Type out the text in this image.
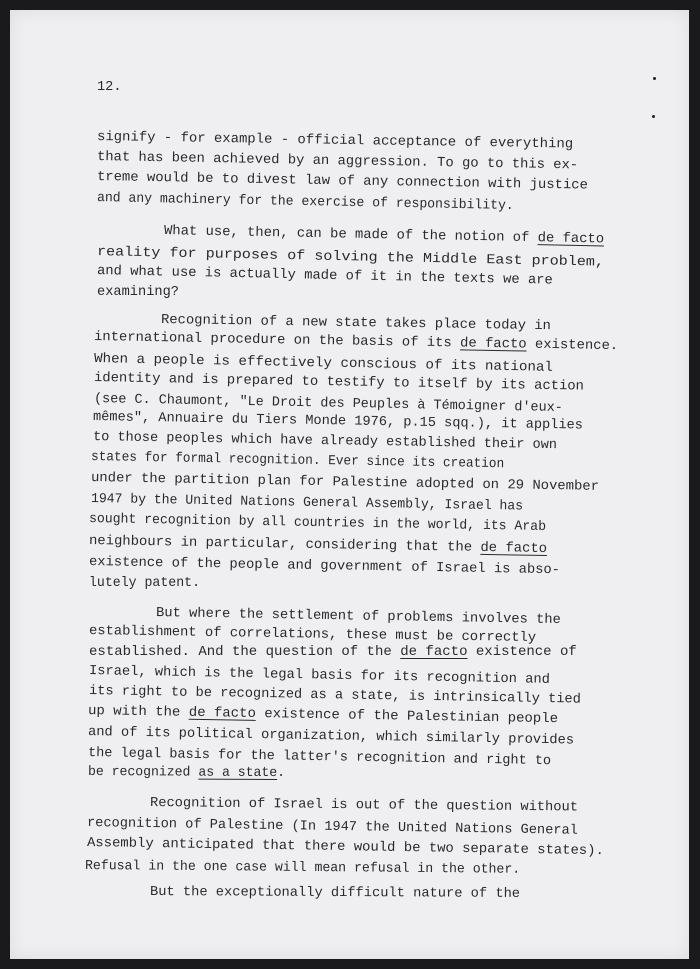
12.
signify - for example - official acceptance of everything
that has been achieved by an aggression. To go to this ex-
treme would be to divest law of any connection with justice
and any machinery for the exercise of responsibility.
What use, then, can be made of the notion of de facto
reality for purposes of solving the Middle East problem,
and what use is actually made of it in the texts we are
examining?
Recognition of a new state takes place today in
international procedure on the basis of its de facto existence.
When a people is effectively conscious of its national
identity and is prepared to testify to itself by its action
(see C. Chaumont, "Le Droit des Peuples à Témoigner d'eux-
mêmes", Annuaire du Tiers Monde 1976, p.15 sqq.), it applies
to those peoples which have already established their own
states for formal recognition. Ever since its creation
under the partition plan for Palestine adopted on 29 November
1947 by the United Nations General Assembly, Israel has
sought recognition by all countries in the world, its Arab
neighbours in particular, considering that the de facto
existence of the people and government of Israel is abso-
lutely patent.
But where the settlement of problems involves the
establishment of correlations, these must be correctly
established. And the question of the de facto existence of
Israel, which is the legal basis for its recognition and
its right to be recognized as a state, is intrinsically tied
up with the de facto existence of the Palestinian people
and of its political organization, which similarly provides
the legal basis for the latter's recognition and right to
be recognized as a state.
Recognition of Israel is out of the question without
recognition of Palestine (In 1947 the United Nations General
Assembly anticipated that there would be two separate states).
Refusal in the one case will mean refusal in the other.
But the exceptionally difficult nature of the
